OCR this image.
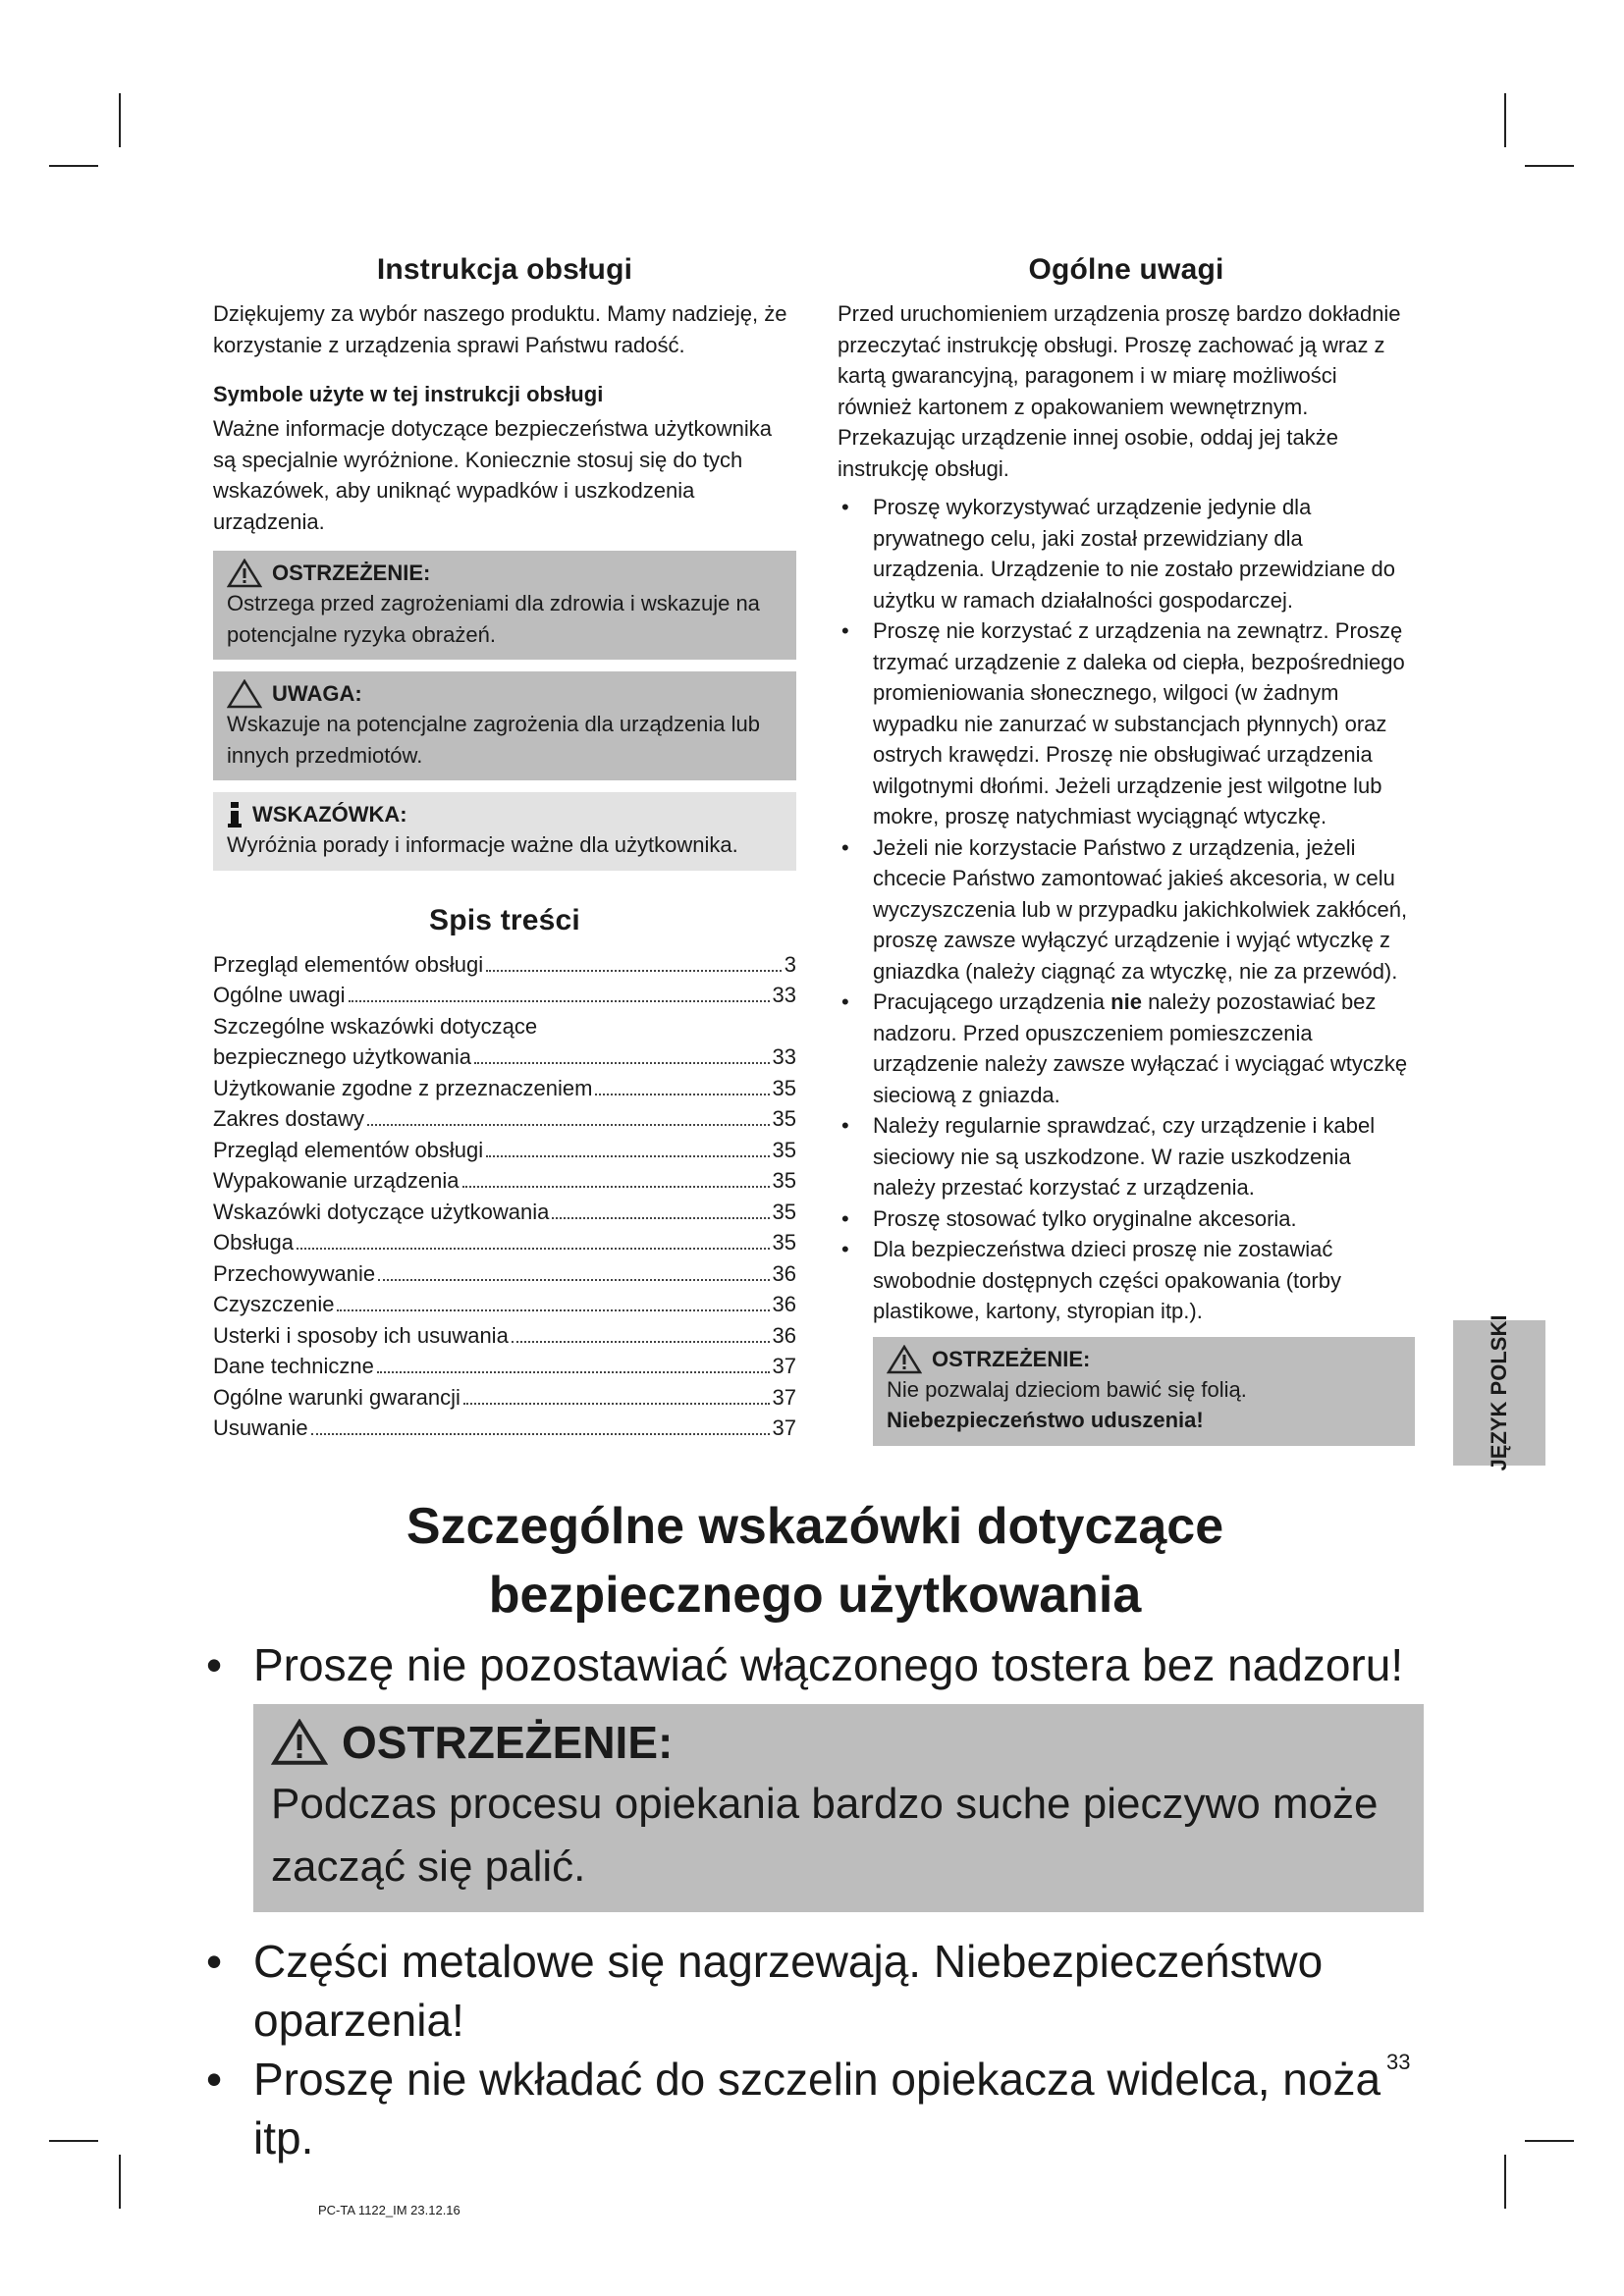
Instrukcja obsługi

Dziękujemy za wybór naszego produktu. Mamy nadzieję, że korzystanie z urządzenia sprawi Państwu radość.

Symbole użyte w tej instrukcji obsługi

Ważne informacje dotyczące bezpieczeństwa użytkownika są specjalnie wyróżnione. Koniecznie stosuj się do tych wskazówek, aby uniknąć wypadków i uszkodzenia urządzenia.

OSTRZEŻENIE:
Ostrzega przed zagrożeniami dla zdrowia i wskazuje na potencjalne ryzyka obrażeń.
UWAGA:
Wskazuje na potencjalne zagrożenia dla urządzenia lub innych przedmiotów.
WSKAZÓWKA:
Wyróżnia porady i informacje ważne dla użytkownika.
Spis treści
Przegląd elementów obsługi	3
Ogólne uwagi	33
Szczególne wskazówki dotyczące
bezpiecznego użytkowania	33
Użytkowanie zgodne z przeznaczeniem	35
Zakres dostawy	35
Przegląd elementów obsługi	35
Wypakowanie urządzenia	35
Wskazówki dotyczące użytkowania	35
Obsługa	35
Przechowywanie	36
Czyszczenie	36
Usterki i sposoby ich usuwania	36
Dane techniczne	37
Ogólne warunki gwarancji	37
Usuwanie	37
Ogólne uwagi

Przed uruchomieniem urządzenia proszę bardzo dokładnie przeczytać instrukcję obsługi. Proszę zachować ją wraz z kartą gwarancyjną, paragonem i w miarę możliwości również kartonem z opakowaniem wewnętrznym. Przekazując urządzenie innej osobie, oddaj jej także instrukcję obsługi.

• Proszę wykorzystywać urządzenie jedynie dla prywatnego celu, jaki został przewidziany dla urządzenia. Urządzenie to nie zostało przewidziane do użytku w ramach działalności gospodarczej.
• Proszę nie korzystać z urządzenia na zewnątrz. Proszę trzymać urządzenie z daleka od ciepła, bezpośredniego promieniowania słonecznego, wilgoci (w żadnym wypadku nie zanurzać w substancjach płynnych) oraz ostrych krawędzi. Proszę nie obsługiwać urządzenia wilgotnymi dłońmi. Jeżeli urządzenie jest wilgotne lub mokre, proszę natychmiast wyciągnąć wtyczkę.
• Jeżeli nie korzystacie Państwo z urządzenia, jeżeli chcecie Państwo zamontować jakieś akcesoria, w celu wyczyszczenia lub w przypadku jakichkolwiek zakłóceń, proszę zawsze wyłączyć urządzenie i wyjąć wtyczkę z gniazdka (należy ciągnąć za wtyczkę, nie za przewód).
• Pracującego urządzenia nie należy pozostawiać bez nadzoru. Przed opuszczeniem pomieszczenia urządzenie należy zawsze wyłączać i wyciągać wtyczkę sieciową z gniazda.
• Należy regularnie sprawdzać, czy urządzenie i kabel sieciowy nie są uszkodzone. W razie uszkodzenia należy przestać korzystać z urządzenia.
• Proszę stosować tylko oryginalne akcesoria.
• Dla bezpieczeństwa dzieci proszę nie zostawiać swobodnie dostępnych części opakowania (torby plastikowe, kartony, styropian itp.).
OSTRZEŻENIE:
Nie pozwalaj dzieciom bawić się folią. Niebezpieczeństwo uduszenia!	JĘZYK POLSKI
Szczególne wskazówki dotyczące
bezpiecznego użytkowania

• Proszę nie pozostawiać włączonego tostera bez nadzoru!

OSTRZEŻENIE:
Podczas procesu opiekania bardzo suche pieczywo może zacząć się palić.

• Części metalowe się nagrzewają. Niebezpieczeństwo oparzenia!

• Proszę nie wkładać do szczelin opiekacza widelca, noża itp.

33
PC-TA 1122_IM 23.12.16
